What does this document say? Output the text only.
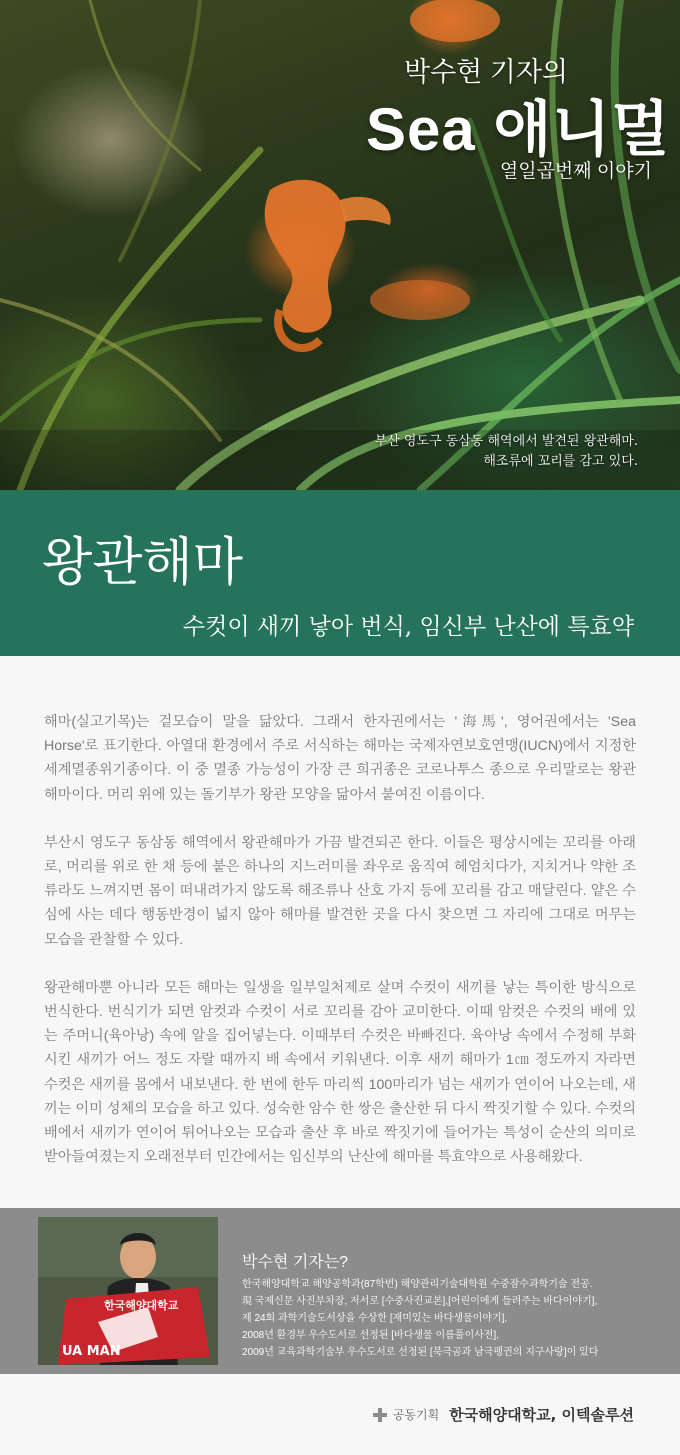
박수현 기자의
Sea 애니멀
열일곱번째 이야기
부산 영도구 동삼동 해역에서 발견된 왕관해마.
해조류에 꼬리를 감고 있다.
왕관해마
수컷이 새끼 낳아 번식, 임신부 난산에 특효약

해마(실고기목)는 겉모습이 말을 닮았다. 그래서 한자권에서는 '海馬', 영어권에서는 'Sea Horse'로 표기한다. 아열대 환경에서 주로 서식하는 해마는 국제자연보호연맹(IUCN)에서 지정한 세계멸종위기종이다. 이 중 멸종 가능성이 가장 큰 희귀종은 코로나투스 종으로 우리말로는 왕관해마이다. 머리 위에 있는 돌기부가 왕관 모양을 닮아서 붙여진 이름이다.

부산시 영도구 동삼동 해역에서 왕관해마가 가끔 발견되곤 한다. 이들은 평상시에는 꼬리를 아래로, 머리를 위로 한 채 등에 붙은 하나의 지느러미를 좌우로 움직여 헤엄치다가, 지치거나 약한 조류라도 느껴지면 몸이 떠내려가지 않도록 해조류나 산호 가지 등에 꼬리를 감고 매달린다. 얕은 수심에 사는 데다 행동반경이 넓지 않아 해마를 발견한 곳을 다시 찾으면 그 자리에 그대로 머무는 모습을 관찰할 수 있다.

왕관해마뿐 아니라 모든 해마는 일생을 일부일처제로 살며 수컷이 새끼를 낳는 특이한 방식으로 번식한다. 번식기가 되면 암컷과 수컷이 서로 꼬리를 감아 교미한다. 이때 암컷은 수컷의 배에 있는 주머니(육아낭) 속에 알을 집어넣는다. 이때부터 수컷은 바빠진다. 육아낭 속에서 수정해 부화시킨 새끼가 어느 정도 자랄 때까지 배 속에서 키워낸다. 이후 새끼 해마가 1㎝ 정도까지 자라면 수컷은 새끼를 몸에서 내보낸다. 한 번에 한두 마리씩 100마리가 넘는 새끼가 연이어 나오는데, 새끼는 이미 성체의 모습을 하고 있다. 성숙한 암수 한 쌍은 출산한 뒤 다시 짝짓기할 수 있다. 수컷의 배에서 새끼가 연이어 튀어나오는 모습과 출산 후 바로 짝짓기에 들어가는 특성이 순산의 의미로 받아들여졌는지 오래전부터 민간에서는 임신부의 난산에 해마를 특효약으로 사용해왔다.

한국해양대학교
UA MAN
박수현 기자는?
한국해양대학교 해양공학과(87학번) 해양관리기술대학원 수중잠수과학기술 전공.
現 국제신문 사진부차장, 저서로 [수중사진교본],[어린이에게 들려주는 바다이야기],
제 24회 과학기술도서상을 수상한 [재미있는 바다생물이야기],
2008년 환경부 우수도서로 선정된 [바다생물 이름풀이사전],
2009년 교육과학기술부 우수도서로 선정된 [북극곰과 남극펭귄의 지구사랑]이 있다
공동기획 한국해양대학교, 이텍솔루션
